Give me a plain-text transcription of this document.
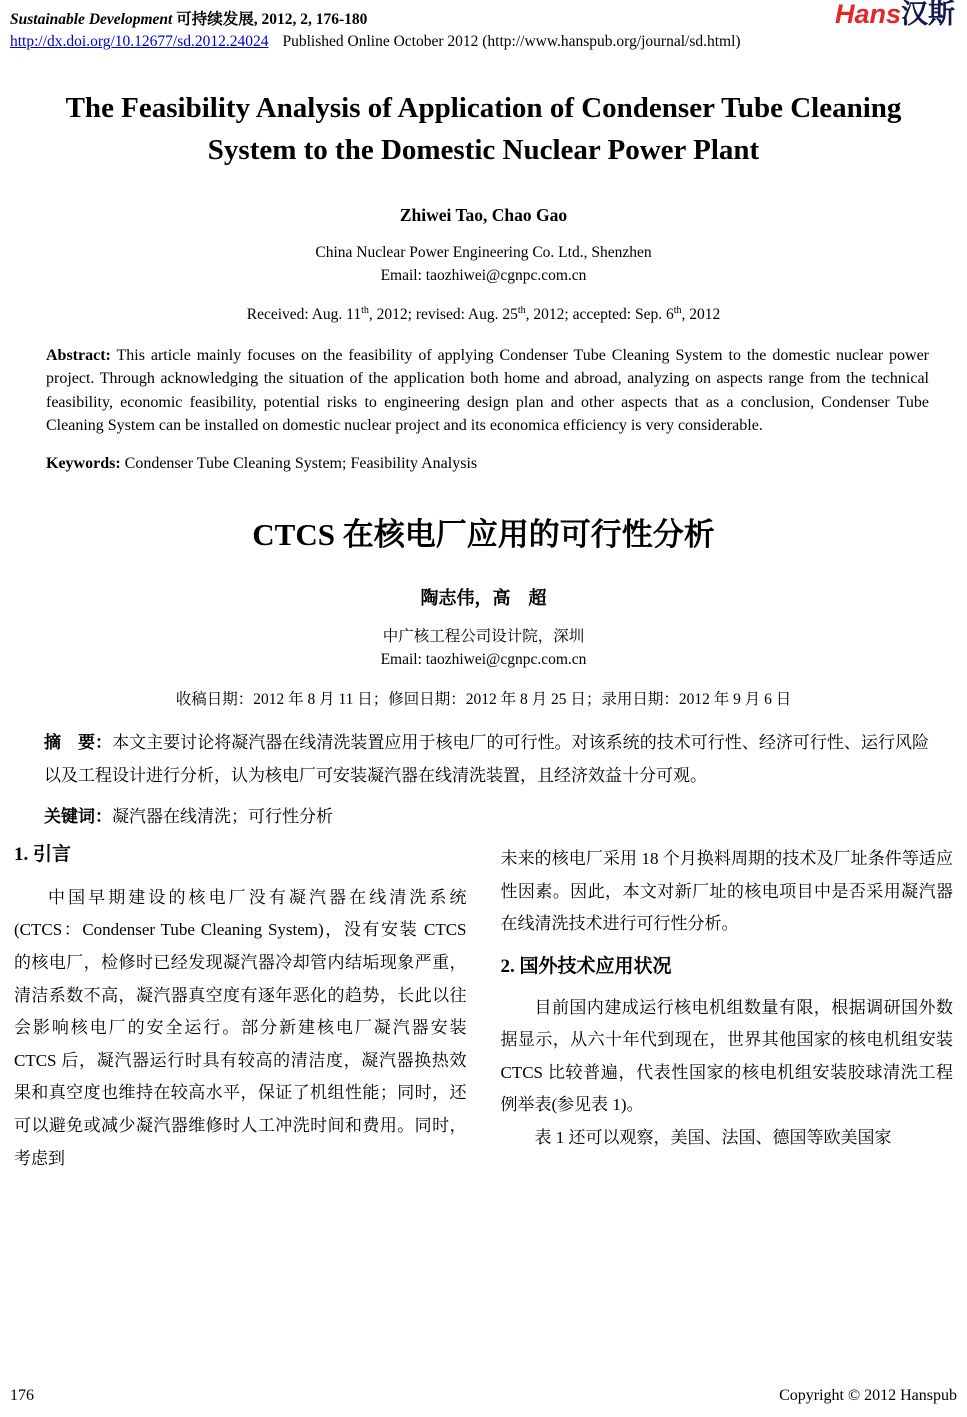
Sustainable Development 可持续发展, 2012, 2, 176-180
http://dx.doi.org/10.12677/sd.2012.24024 Published Online October 2012 (http://www.hanspub.org/journal/sd.html)
Hans汉斯
The Feasibility Analysis of Application of Condenser Tube Cleaning System to the Domestic Nuclear Power Plant
Zhiwei Tao, Chao Gao
China Nuclear Power Engineering Co. Ltd., Shenzhen
Email: taozhiwei@cgnpc.com.cn
Received: Aug. 11th, 2012; revised: Aug. 25th, 2012; accepted: Sep. 6th, 2012

Abstract: This article mainly focuses on the feasibility of applying Condenser Tube Cleaning System to the domestic nuclear power project. Through acknowledging the situation of the application both home and abroad, analyzing on aspects range from the technical feasibility, economic feasibility, potential risks to engineering design plan and other aspects that as a conclusion, Condenser Tube Cleaning System can be installed on domestic nuclear project and its economica efficiency is very considerable.

Keywords: Condenser Tube Cleaning System; Feasibility Analysis

CTCS 在核电厂应用的可行性分析
陶志伟，高　超
中广核工程公司设计院，深圳
Email: taozhiwei@cgnpc.com.cn
收稿日期：2012 年 8 月 11 日；修回日期：2012 年 8 月 25 日；录用日期：2012 年 9 月 6 日

摘　要：本文主要讨论将凝汽器在线清洗装置应用于核电厂的可行性。对该系统的技术可行性、经济可行性、运行风险以及工程设计进行分析，认为核电厂可安装凝汽器在线清洗装置，且经济效益十分可观。

关键词：凝汽器在线清洗；可行性分析

1. 引言

中国早期建设的核电厂没有凝汽器在线清洗系统(CTCS：Condenser Tube Cleaning System)，没有安装 CTCS 的核电厂，检修时已经发现凝汽器冷却管内结垢现象严重，清洁系数不高，凝汽器真空度有逐年恶化的趋势，长此以往会影响核电厂的安全运行。部分新建核电厂凝汽器安装 CTCS 后，凝汽器运行时具有较高的清洁度，凝汽器换热效果和真空度也维持在较高水平，保证了机组性能；同时，还可以避免或减少凝汽器维修时人工冲洗时间和费用。同时，考虑到

未来的核电厂采用 18 个月换料周期的技术及厂址条件等适应性因素。因此，本文对新厂址的核电项目中是否采用凝汽器在线清洗技术进行可行性分析。

2. 国外技术应用状况

目前国内建成运行核电机组数量有限，根据调研国外数据显示，从六十年代到现在，世界其他国家的核电机组安装 CTCS 比较普遍，代表性国家的核电机组安装胶球清洗工程例举表(参见表 1)。

表 1 还可以观察，美国、法国、德国等欧美国家

176	Copyright © 2012 Hanspub
